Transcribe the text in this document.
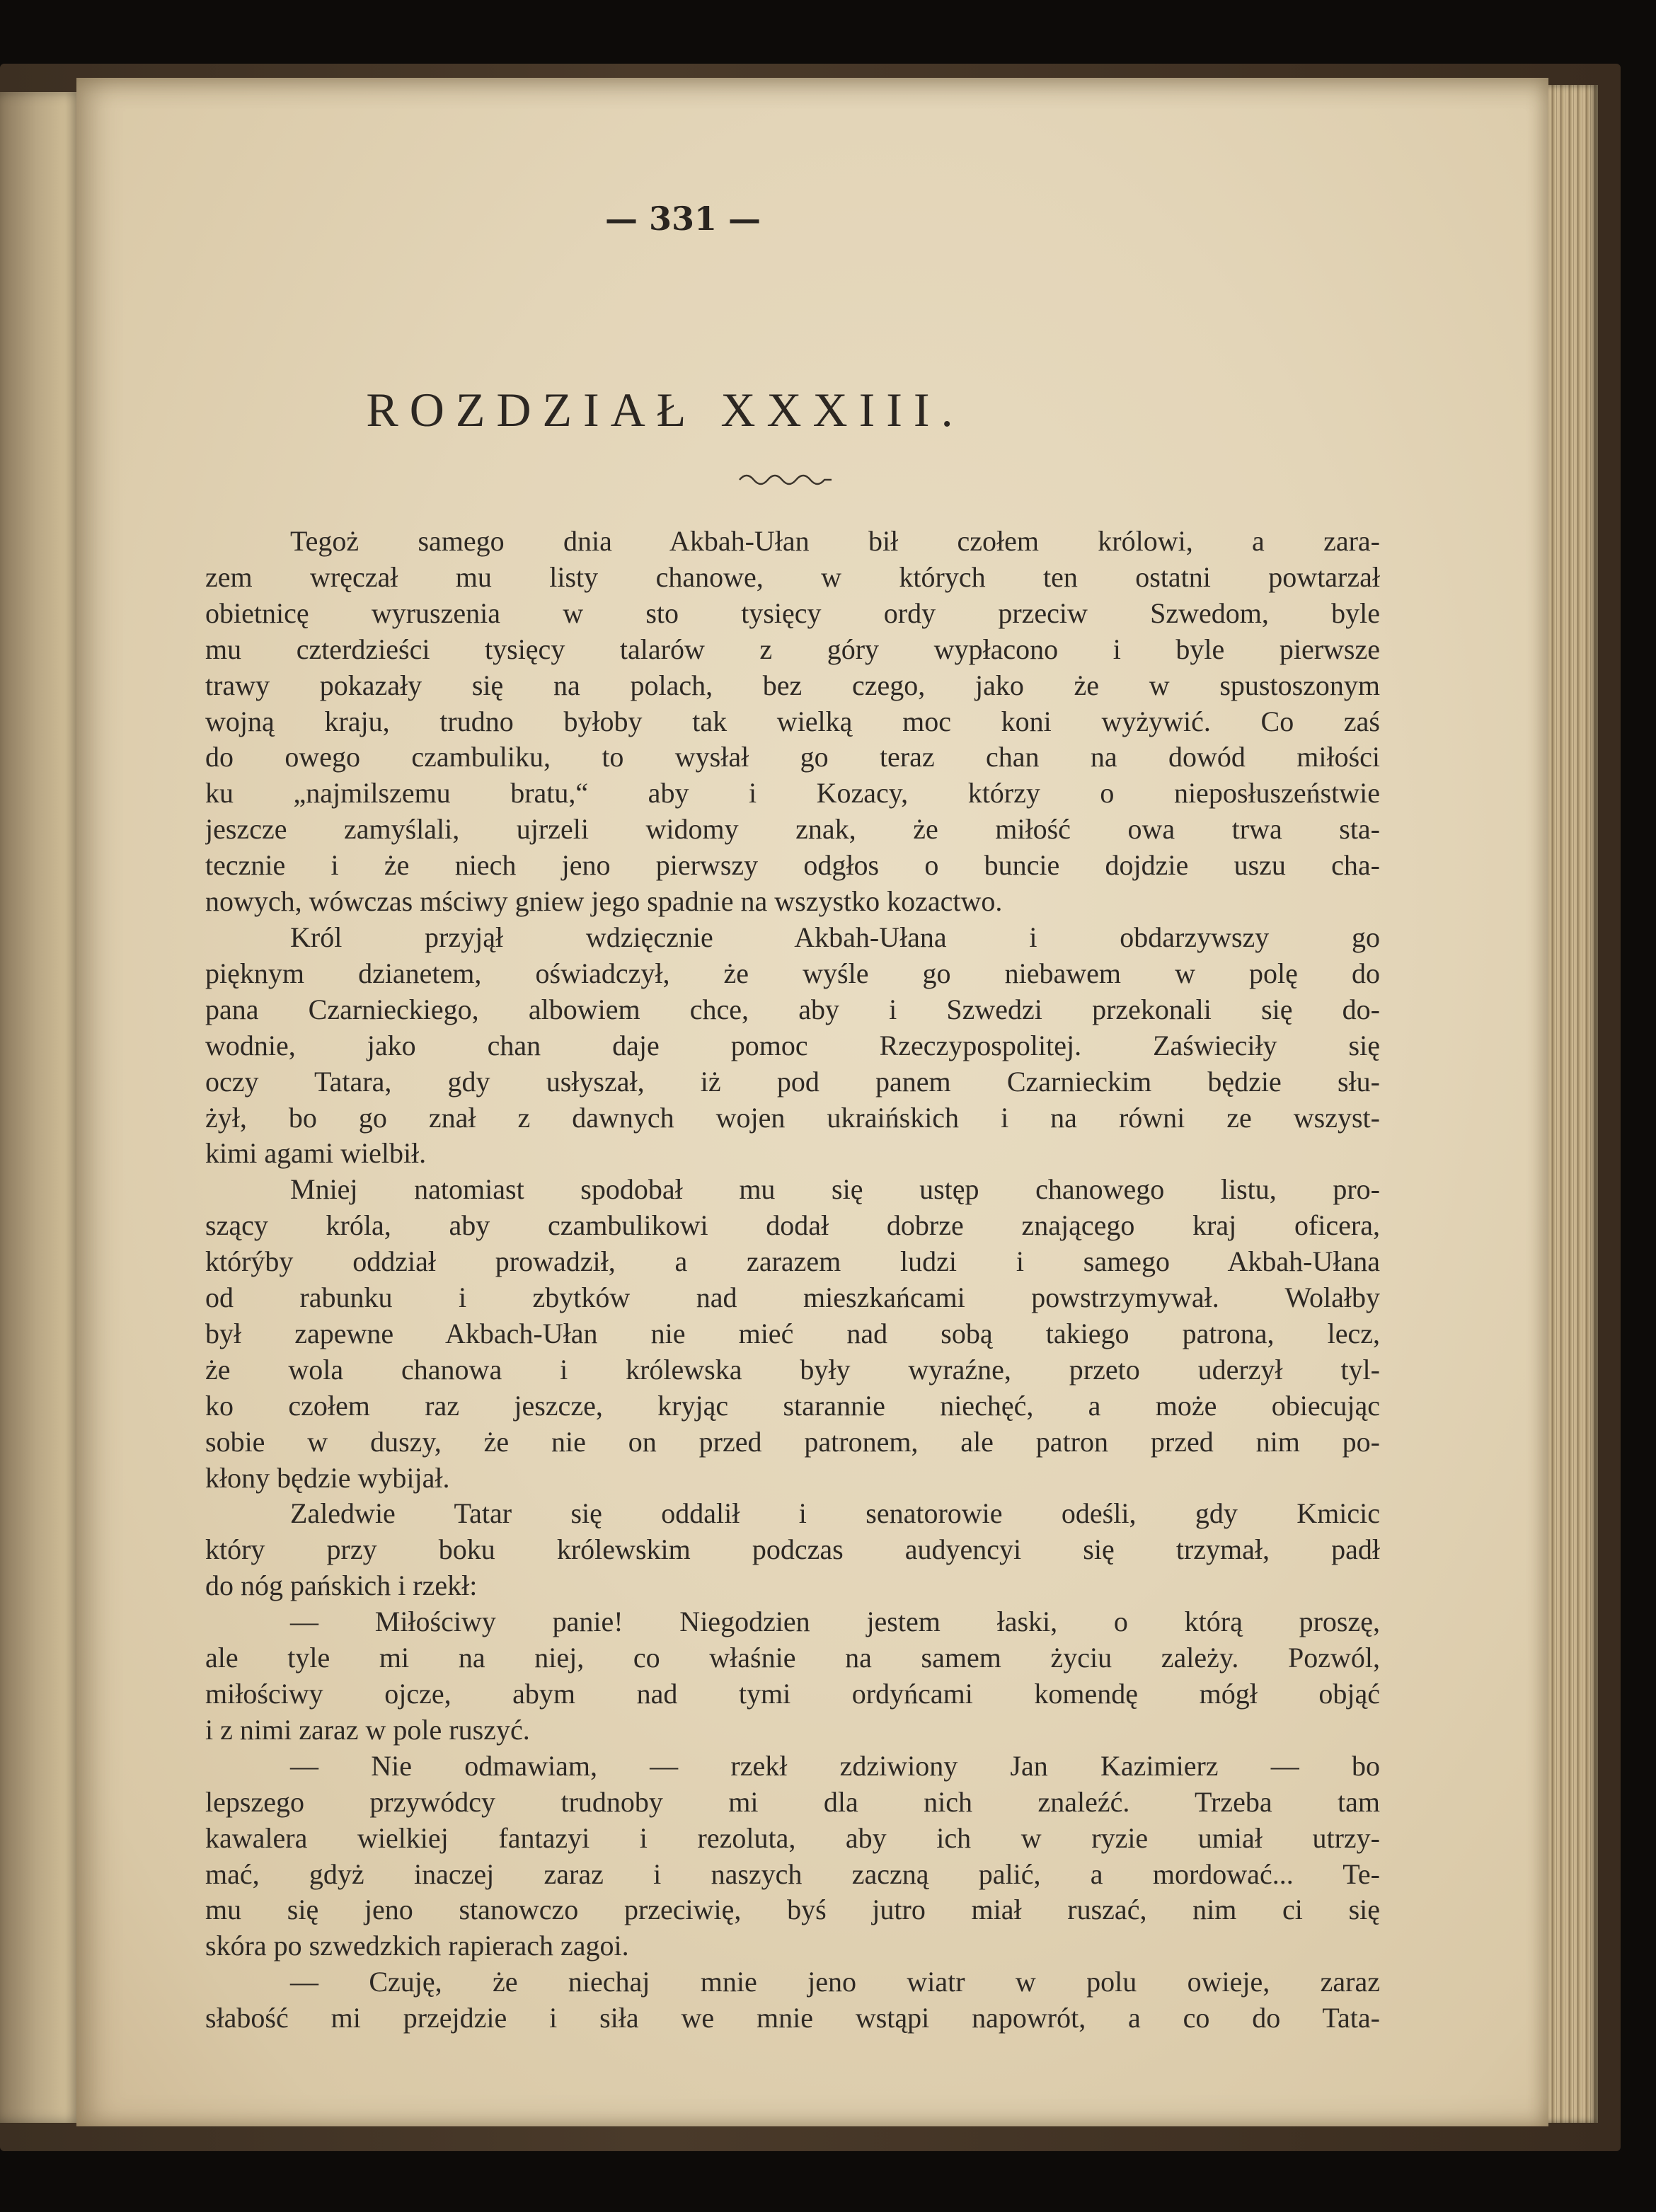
— 331 —
ROZDZIAŁ XXXIII.

Tegoż samego dnia Akbah-Ułan bił czołem królowi, a zara-

zem wręczał mu listy chanowe, w których ten ostatni powtarzał

obietnicę wyruszenia w sto tysięcy ordy przeciw Szwedom, byle

mu czterdzieści tysięcy talarów z góry wypłacono i byle pierwsze

trawy pokazały się na polach, bez czego, jako że w spustoszonym

wojną kraju, trudno byłoby tak wielką moc koni wyżywić. Co zaś

do owego czambuliku, to wysłał go teraz chan na dowód miłości

ku „najmilszemu bratu,“ aby i Kozacy, którzy o nieposłuszeństwie

jeszcze zamyślali, ujrzeli widomy znak, że miłość owa trwa sta-

tecznie i że niech jeno pierwszy odgłos o buncie dojdzie uszu cha-

nowych, wówczas mściwy gniew jego spadnie na wszystko kozactwo.

Król przyjął wdzięcznie Akbah-Ułana i obdarzywszy go

pięknym dzianetem, oświadczył, że wyśle go niebawem w polę do

pana Czarnieckiego, albowiem chce, aby i Szwedzi przekonali się do-

wodnie, jako chan daje pomoc Rzeczypospolitej. Zaświeciły się

oczy Tatara, gdy usłyszał, iż pod panem Czarnieckim będzie słu-

żył, bo go znał z dawnych wojen ukraińskich i na równi ze wszyst-

kimi agami wielbił.

Mniej natomiast spodobał mu się ustęp chanowego listu, pro-

szący króla, aby czambulikowi dodał dobrze znającego kraj oficera,

którýby oddział prowadził, a zarazem ludzi i samego Akbah-Ułana

od rabunku i zbytków nad mieszkańcami powstrzymywał. Wolałby

był zapewne Akbach-Ułan nie mieć nad sobą takiego patrona, lecz,

że wola chanowa i królewska były wyraźne, przeto uderzył tyl-

ko czołem raz jeszcze, kryjąc starannie niechęć, a może obiecując

sobie w duszy, że nie on przed patronem, ale patron przed nim po-

kłony będzie wybijał.

Zaledwie Tatar się oddalił i senatorowie odeśli, gdy Kmicic

który przy boku królewskim podczas audyencyi się trzymał, padł

do nóg pańskich i rzekł:

— Miłościwy panie! Niegodzien jestem łaski, o którą proszę,

ale tyle mi na niej, co właśnie na samem życiu zależy. Pozwól,

miłościwy ojcze, abym nad tymi ordyńcami komendę mógł objąć

i z nimi zaraz w pole ruszyć.

— Nie odmawiam, — rzekł zdziwiony Jan Kazimierz — bo

lepszego przywódcy trudnoby mi dla nich znaleźć. Trzeba tam

kawalera wielkiej fantazyi i rezoluta, aby ich w ryzie umiał utrzy-

mać, gdyż inaczej zaraz i naszych zaczną palić, a mordować... Te-

mu się jeno stanowczo przeciwię, byś jutro miał ruszać, nim ci się

skóra po szwedzkich rapierach zagoi.

— Czuję, że niechaj mnie jeno wiatr w polu owieje, zaraz

słabość mi przejdzie i siła we mnie wstąpi napowrót, a co do Tata-
